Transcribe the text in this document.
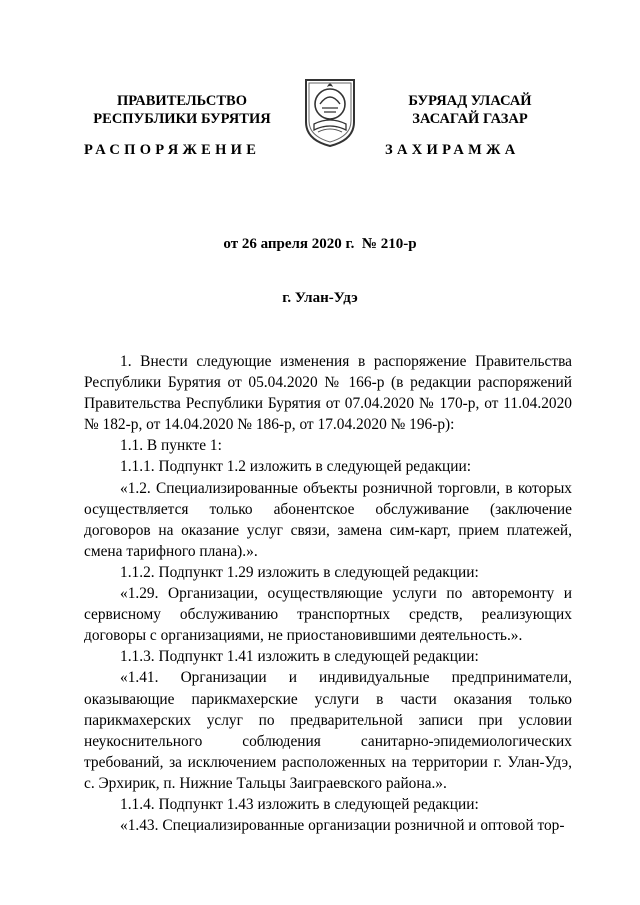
ПРАВИТЕЛЬСТВО
РЕСПУБЛИКИ БУРЯТИЯ
БУРЯАД УЛАСАЙ
ЗАСАГАЙ ГАЗАР
РАСПОРЯЖЕНИЕ	ЗАХИРАМЖА
от 26 апреля 2020 г. № 210-р
г. Улан-Удэ

1. Внести следующие изменения в распоряжение Правительства Республики Бурятия от 05.04.2020 № 166-р (в редакции распоряжений Правительства Республики Бурятия от 07.04.2020 № 170-р, от 11.04.2020 № 182-р, от 14.04.2020 № 186-р, от 17.04.2020 № 196-р):

1.1. В пункте 1:

1.1.1. Подпункт 1.2 изложить в следующей редакции:

«1.2. Специализированные объекты розничной торговли, в которых осуществляется только абонентское обслуживание (заключение договоров на оказание услуг связи, замена сим-карт, прием платежей, смена тарифного плана).».

1.1.2. Подпункт 1.29 изложить в следующей редакции:

«1.29. Организации, осуществляющие услуги по авторемонту и сервисному обслуживанию транспортных средств, реализующих договоры с организациями, не приостановившими деятельность.».

1.1.3. Подпункт 1.41 изложить в следующей редакции:

«1.41. Организации и индивидуальные предприниматели, оказывающие парикмахерские услуги в части оказания только парикмахерских услуг по предварительной записи при условии неукоснительного соблюдения санитарно-эпидемиологических требований, за исключением расположенных на территории г. Улан-Удэ, с. Эрхирик, п. Нижние Тальцы Заиграевского района.».

1.1.4. Подпункт 1.43 изложить в следующей редакции:

«1.43. Специализированные организации розничной и оптовой тор-
